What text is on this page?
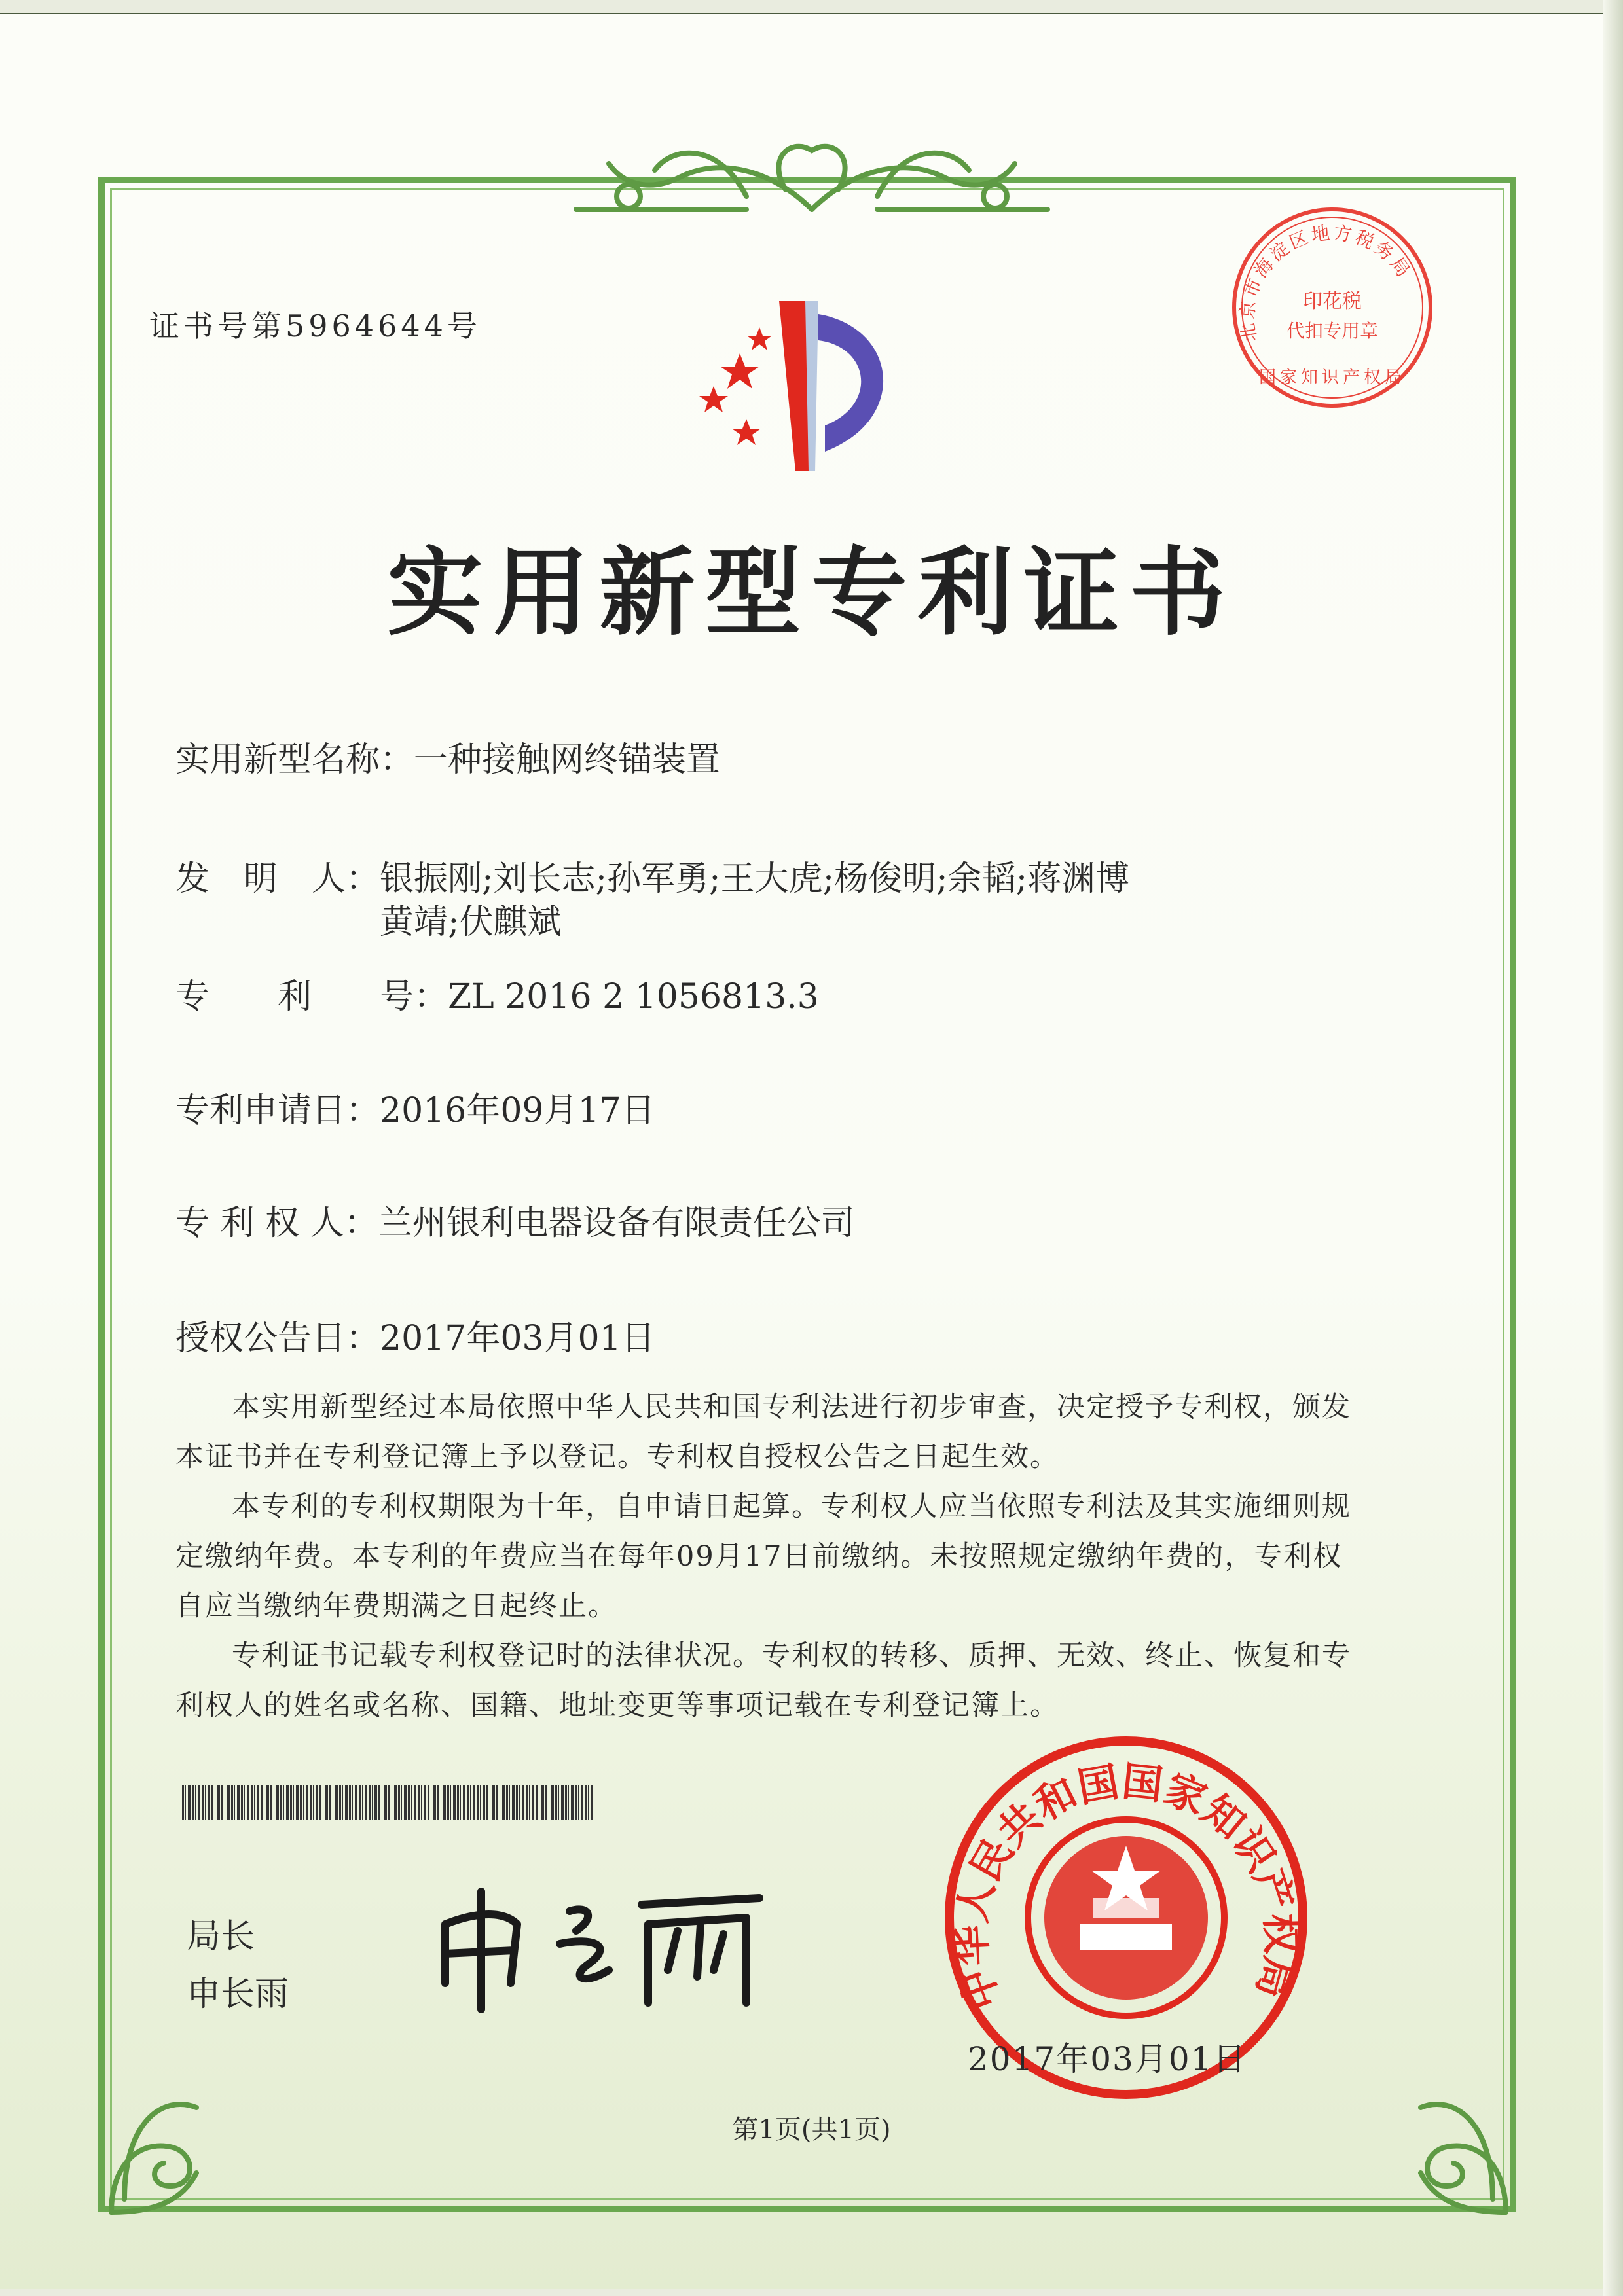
证书号第5964644号	北京市海淀区地方税务局
印花税
代扣专用章
国家知识产权局
实用新型专利证书
实用新型名称：一种接触网终锚装置
发　明　人：银振刚;刘长志;孙军勇;王大虎;杨俊明;余韬;蒋渊博
黄靖;伏麒斌
专　　利　　号：ZL 2016 2 1056813.3
专利申请日：2016年09月17日
专 利 权 人：兰州银利电器设备有限责任公司
授权公告日：2017年03月01日
本实用新型经过本局依照中华人民共和国专利法进行初步审查，决定授予专利权，颁发本证书并在专利登记簿上予以登记。专利权自授权公告之日起生效。
本专利的专利权期限为十年，自申请日起算。专利权人应当依照专利法及其实施细则规定缴纳年费。本专利的年费应当在每年09月17日前缴纳。未按照规定缴纳年费的，专利权自应当缴纳年费期满之日起终止。
专利证书记载专利权登记时的法律状况。专利权的转移、质押、无效、终止、恢复和专利权人的姓名或名称、国籍、地址变更等事项记载在专利登记簿上。
局长
申长雨	中华人民共和国国家知识产权局
2017年03月01日
第1页(共1页)
